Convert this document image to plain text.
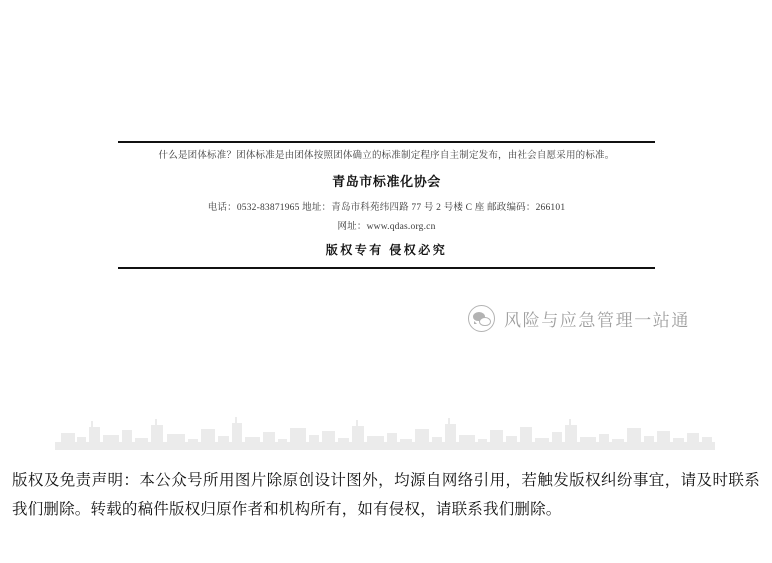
什么是团体标准？团体标准是由团体按照团体确立的标准制定程序自主制定发布，由社会自愿采用的标准。
青岛市标准化协会
电话：0532-83871965 地址：青岛市科苑纬四路 77 号 2 号楼 C 座 邮政编码：266101
网址：www.qdas.org.cn
版权专有 侵权必究
风险与应急管理一站通
版权及免责声明：本公众号所用图片除原创设计图外，均源自网络引用，若触发版权纠纷事宜，请及时联系我们删除。转载的稿件版权归原作者和机构所有，如有侵权，请联系我们删除。
